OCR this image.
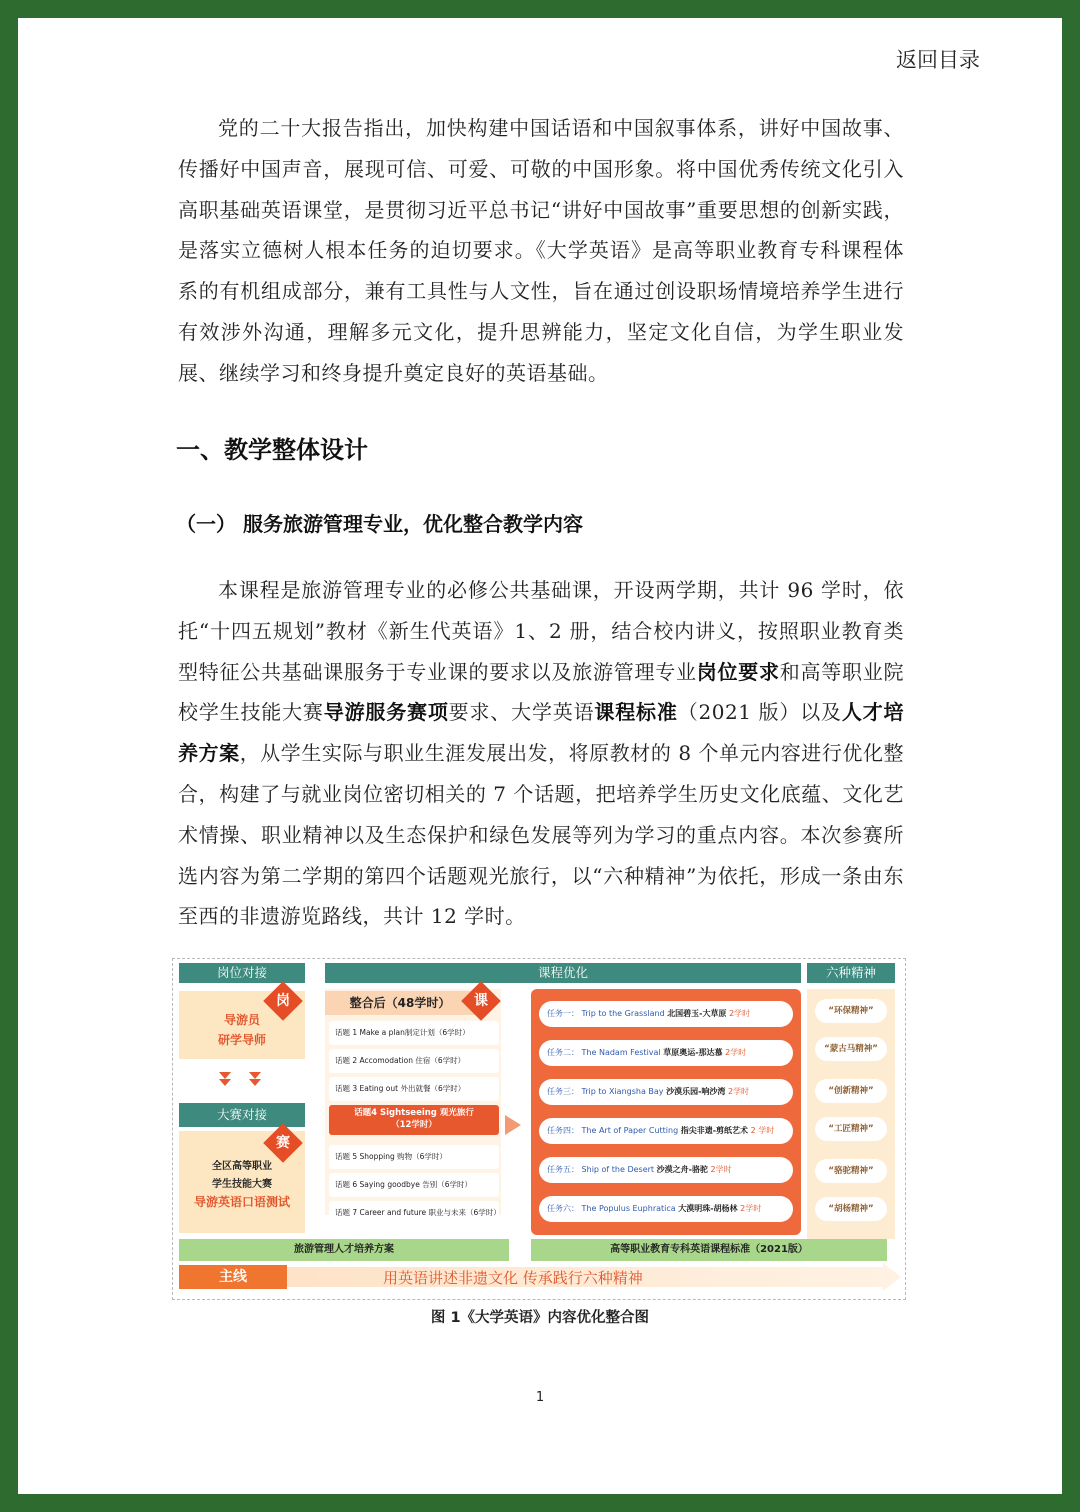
返回目录

党的二十大报告指出，加快构建中国话语和中国叙事体系，讲好中国故事、传播好中国声音，展现可信、可爱、可敬的中国形象。将中国优秀传统文化引入高职基础英语课堂，是贯彻习近平总书记“讲好中国故事”重要思想的创新实践，是落实立德树人根本任务的迫切要求。《大学英语》是高等职业教育专科课程体系的有机组成部分，兼有工具性与人文性，旨在通过创设职场情境培养学生进行有效涉外沟通，理解多元文化，提升思辨能力，坚定文化自信，为学生职业发展、继续学习和终身提升奠定良好的英语基础。

一、教学整体设计
（一） 服务旅游管理专业，优化整合教学内容

本课程是旅游管理专业的必修公共基础课，开设两学期，共计 96 学时，依托“十四五规划”教材《新生代英语》1、2 册，结合校内讲义，按照职业教育类型特征公共基础课服务于专业课的要求以及旅游管理专业岗位要求和高等职业院校学生技能大赛导游服务赛项要求、大学英语课程标准（2021 版）以及人才培养方案，从学生实际与职业生涯发展出发，将原教材的 8 个单元内容进行优化整合，构建了与就业岗位密切相关的 7 个话题，把培养学生历史文化底蕴、文化艺术情操、职业精神以及生态保护和绿色发展等列为学习的重点内容。本次参赛所选内容为第二学期的第四个话题观光旅行，以“六种精神”为依托，形成一条由东至西的非遗游览路线，共计 12 学时。

岗位对接	课程优化	六种精神
导游员
研学导师
岗
大赛对接
全区高等职业
学生技能大赛
导游英语口语测试
赛
整合后（48学时）	课
话题 1 Make a plan制定计划（6学时）
话题 2 Accomodation 住宿（6学时）
话题 3 Eating out 外出就餐（6学时）
话题4 Sightseeing 观光旅行
（12学时）
话题 5 Shopping 购物（6学时）
话题 6 Saying goodbye 告别（6学时）
话题 7 Career and future 职业与未来（6学时）
任务一： Trip to the Grassland 北国碧玉-大草原 2学时
任务二： The Nadam Festival 草原奥运-那达慕 2学时
任务三： Trip to Xiangsha Bay 沙漠乐园-响沙湾 2学时
任务四： The Art of Paper Cutting 指尖非遗-剪纸艺术 2 学时
任务五： Ship of the Desert 沙漠之舟-骆驼 2学时
任务六： The Populus Euphratica 大漠明珠-胡杨林 2学时
“环保精神”
“蒙古马精神”
“创新精神”
“工匠精神”
“骆驼精神”
“胡杨精神”
旅游管理人才培养方案	高等职业教育专科英语课程标准（2021版）
主线	用英语讲述非遗文化 传承践行六种精神
图 1《大学英语》内容优化整合图
1
